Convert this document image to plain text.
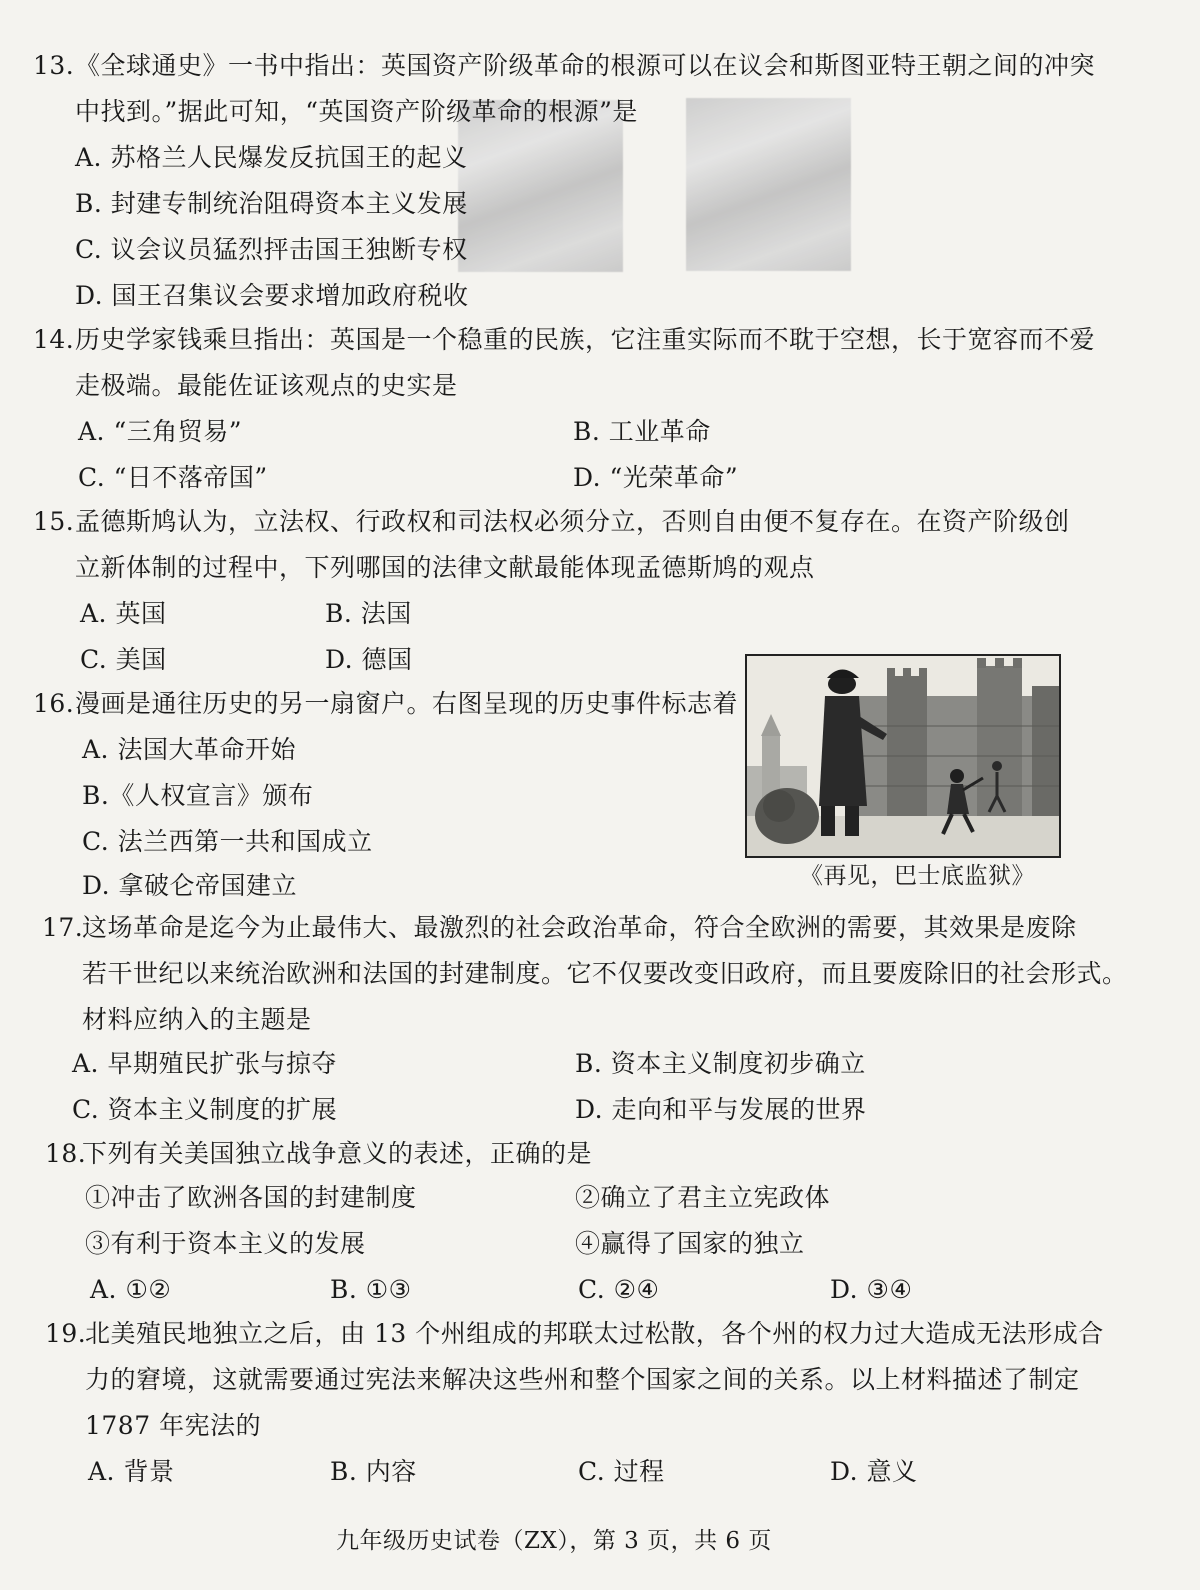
13. 《全球通史》一书中指出：英国资产阶级革命的根源可以在议会和斯图亚特王朝之间的冲突
中找到。”据此可知，“英国资产阶级革命的根源”是
A. 苏格兰人民爆发反抗国王的起义
B. 封建专制统治阻碍资本主义发展
C. 议会议员猛烈抨击国王独断专权
D. 国王召集议会要求增加政府税收
14. 历史学家钱乘旦指出：英国是一个稳重的民族，它注重实际而不耽于空想，长于宽容而不爱
走极端。最能佐证该观点的史实是
A. “三角贸易”	B. 工业革命
C. “日不落帝国”	D. “光荣革命”
15. 孟德斯鸠认为，立法权、行政权和司法权必须分立，否则自由便不复存在。在资产阶级创
立新体制的过程中，下列哪国的法律文献最能体现孟德斯鸠的观点
A. 英国	B. 法国
C. 美国	D. 德国
16. 漫画是通往历史的另一扇窗户。右图呈现的历史事件标志着
A. 法国大革命开始
B.《人权宣言》颁布
C. 法兰西第一共和国成立
D. 拿破仑帝国建立	《再见，巴士底监狱》
17.
这场革命是迄今为止最伟大、最激烈的社会政治革命，符合全欧洲的需要，其效果是废除
若干世纪以来统治欧洲和法国的封建制度。它不仅要改变旧政府，而且要废除旧的社会形式。
材料应纳入的主题是
A. 早期殖民扩张与掠夺	B. 资本主义制度初步确立
C. 资本主义制度的扩展	D. 走向和平与发展的世界
18.
下列有关美国独立战争意义的表述，正确的是
①冲击了欧洲各国的封建制度	②确立了君主立宪政体
③有利于资本主义的发展	④赢得了国家的独立
A. ①②	B. ①③	C. ②④	D. ③④
19.
北美殖民地独立之后，由 13 个州组成的邦联太过松散，各个州的权力过大造成无法形成合
力的窘境，这就需要通过宪法来解决这些州和整个国家之间的关系。以上材料描述了制定
1787 年宪法的
A. 背景	B. 内容	C. 过程	D. 意义
九年级历史试卷（ZX），第 3 页，共 6 页
